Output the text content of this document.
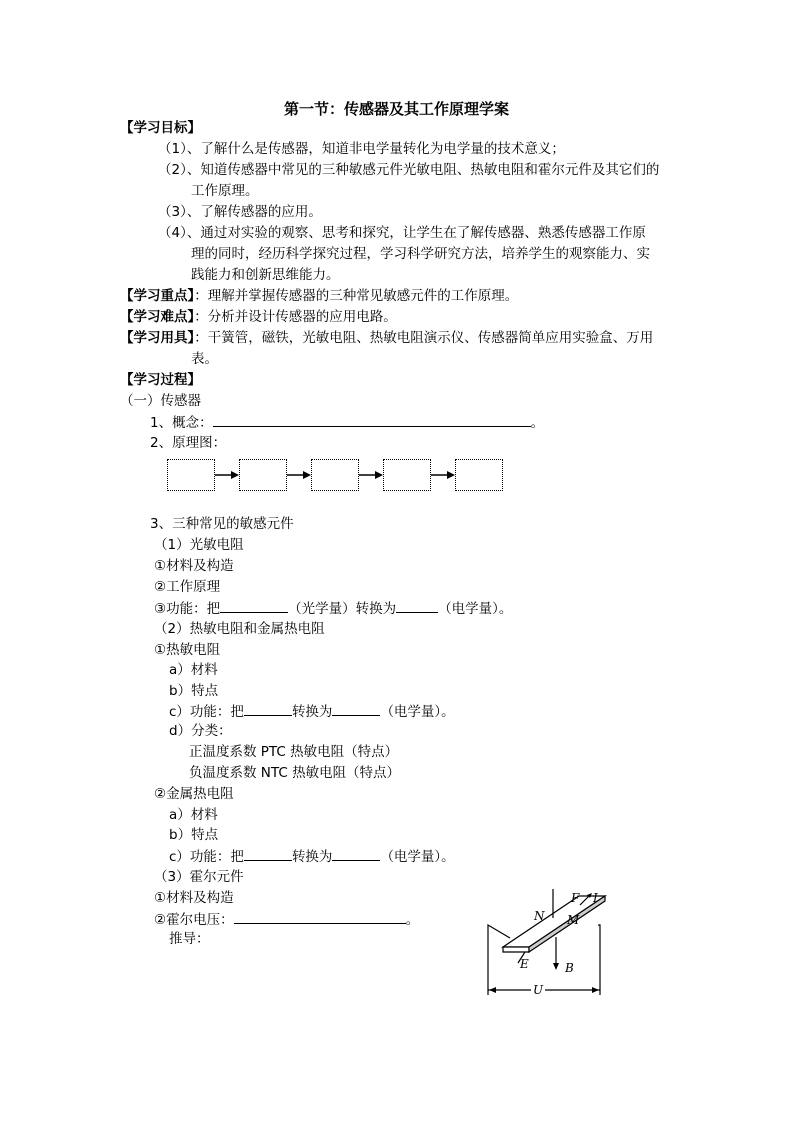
第一节：传感器及其工作原理学案
【学习目标】
（1）、了解什么是传感器，知道非电学量转化为电学量的技术意义；
（2）、知道传感器中常见的三种敏感元件光敏电阻、热敏电阻和霍尔元件及其它们的
工作原理。
（3）、了解传感器的应用。
（4）、通过对实验的观察、思考和探究，让学生在了解传感器、熟悉传感器工作原
理的同时，经历科学探究过程，学习科学研究方法，培养学生的观察能力、实
践能力和创新思维能力。
【学习重点】：理解并掌握传感器的三种常见敏感元件的工作原理。
【学习难点】：分析并设计传感器的应用电路。
【学习用具】：干簧管，磁铁，光敏电阻、热敏电阻演示仪、传感器简单应用实验盒、万用
表。
【学习过程】
（一）传感器
1、概念：	。
2、原理图：
3、三种常见的敏感元件
（1）光敏电阻
①材料及构造
②工作原理
③功能：把	（光学量）转换为	（电学量）。
（2）热敏电阻和金属热电阻
①热敏电阻
a）材料
b）特点
c）功能：把	转换为	（电学量）。
d）分类：
正温度系数 PTC 热敏电阻（特点）
负温度系数 NTC 热敏电阻（特点）
②金属热电阻
a）材料
b）特点
c）功能：把	转换为	（电学量）。
（3）霍尔元件
①材料及构造
②霍尔电压：	。
推导：
F I
N M
E	B
U
